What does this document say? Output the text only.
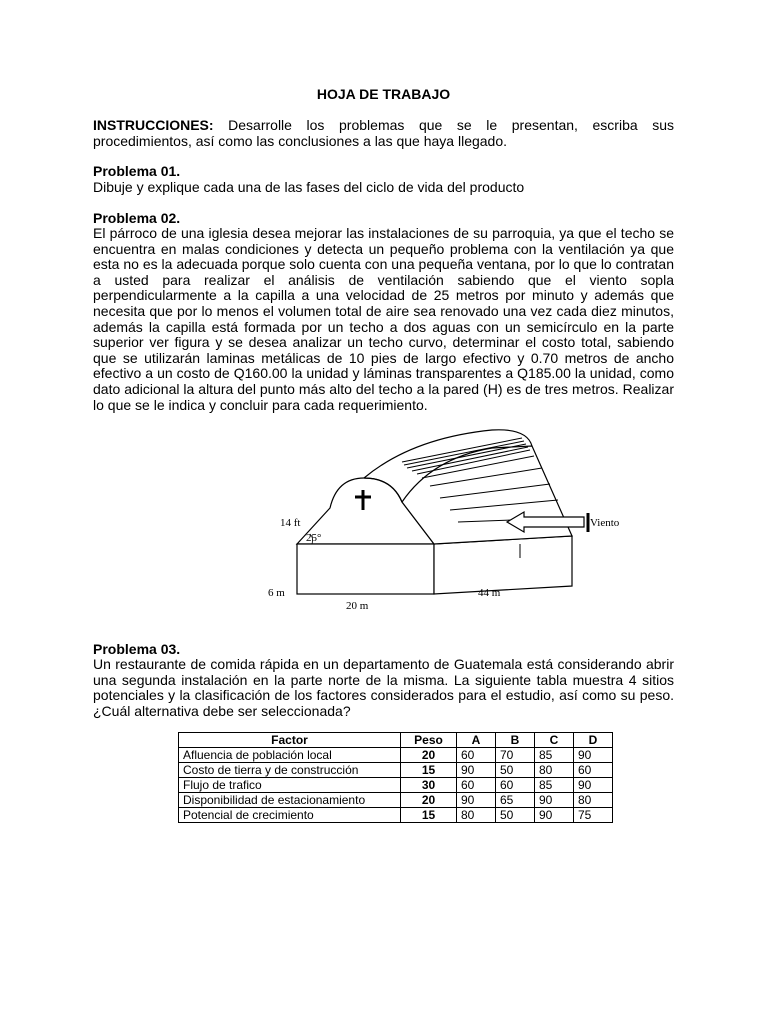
HOJA DE TRABAJO
INSTRUCCIONES: Desarrolle los problemas que se le presentan, escriba sus procedimientos, así como las conclusiones a las que haya llegado.
Problema 01.
Dibuje y explique cada una de las fases del ciclo de vida del producto
Problema 02.
El párroco de una iglesia desea mejorar las instalaciones de su parroquia, ya que el techo se encuentra en malas condiciones y detecta un pequeño problema con la ventilación ya que esta no es la adecuada porque solo cuenta con una pequeña ventana, por lo que lo contratan a usted para realizar el análisis de ventilación sabiendo que el viento sopla perpendicularmente a la capilla a una velocidad de 25 metros por minuto y además que necesita que por lo menos el volumen total de aire sea renovado una vez cada diez minutos, además la capilla está formada por un techo a dos aguas con un semicírculo en la parte superior ver figura y se desea analizar un techo curvo, determinar el costo total, sabiendo que se utilizarán laminas metálicas de 10 pies de largo efectivo y 0.70 metros de ancho efectivo a un costo de Q160.00 la unidad y láminas transparentes a Q185.00 la unidad, como dato adicional la altura del punto más alto del techo a la pared (H) es de tres metros. Realizar lo que se le indica y concluir para cada requerimiento.
Problema 03.
Un restaurante de comida rápida en un departamento de Guatemala está considerando abrir una segunda instalación en la parte norte de la misma. La siguiente tabla muestra 4 sitios potenciales y la clasificación de los factores considerados para el estudio, así como su peso. ¿Cuál alternativa debe ser seleccionada?
14 ft
25°
6 m
20 m
44 m
Viento
Factor	Peso	A	B	C	D
Afluencia de población local	20	60	70	85	90
Costo de tierra y de construcción	15	90	50	80	60
Flujo de trafico	30	60	60	85	90
Disponibilidad de estacionamiento	20	90	65	90	80
Potencial de crecimiento	15	80	50	90	75
